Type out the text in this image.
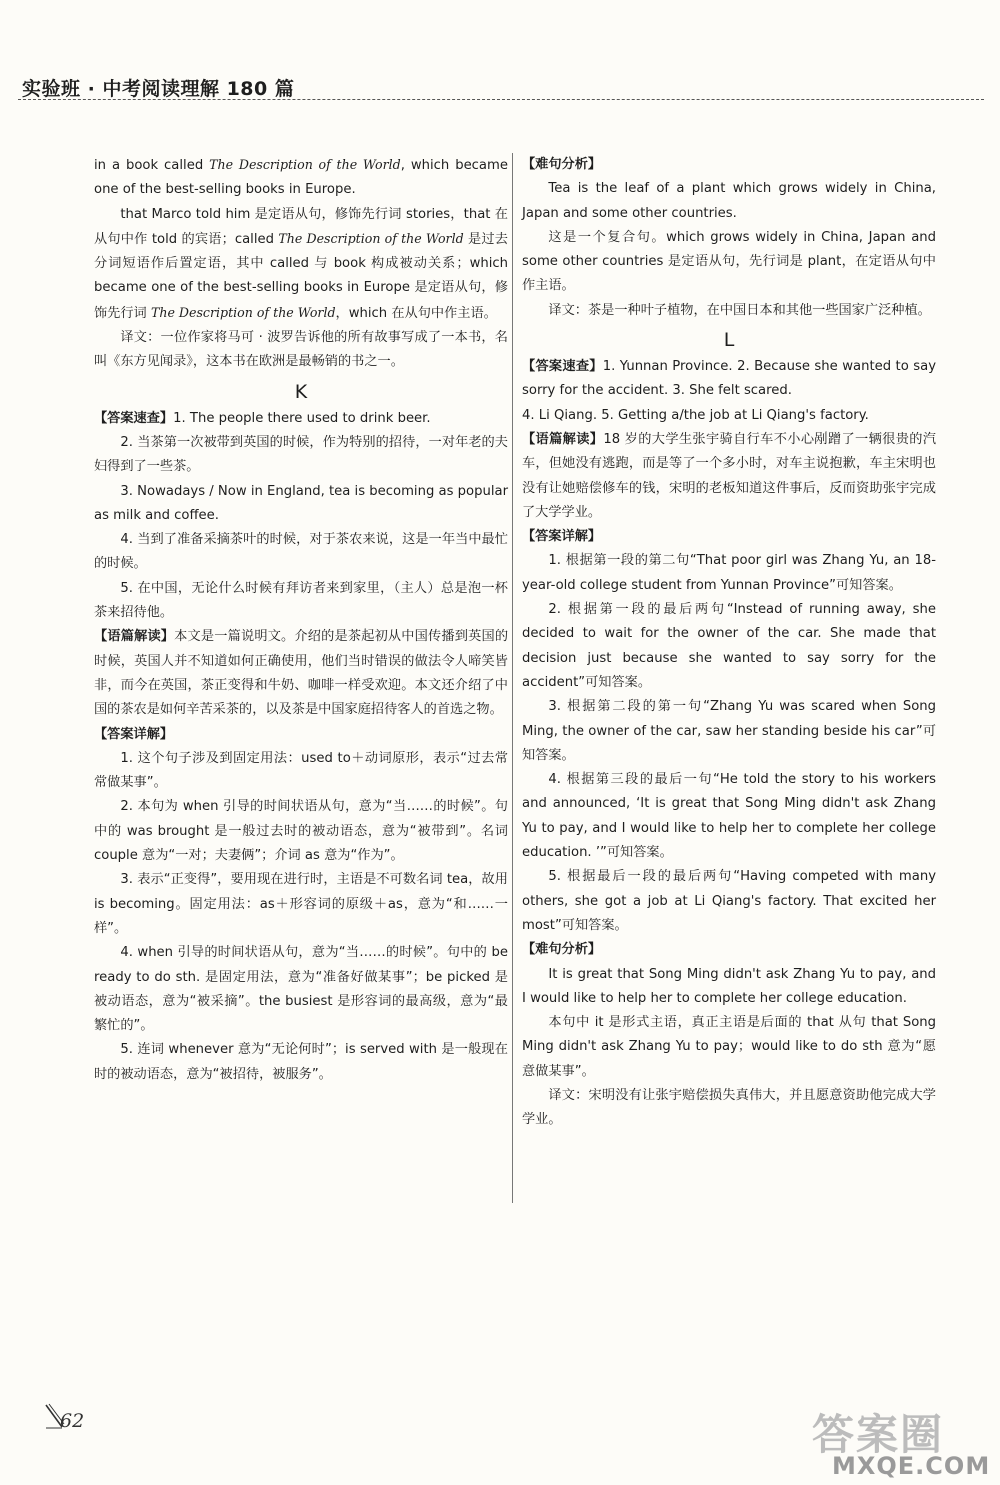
实验班 · 中考阅读理解 180 篇

in a book called The Description of the World, which became one of the best-selling books in Europe.

that Marco told him 是定语从句，修饰先行词 stories，that 在从句中作 told 的宾语；called The Description of the World 是过去分词短语作后置定语，其中 called 与 book 构成被动关系；which became one of the best-selling books in Europe 是定语从句，修饰先行词 The Description of the World，which 在从句中作主语。

译文：一位作家将马可 · 波罗告诉他的所有故事写成了一本书，名叫《东方见闻录》，这本书在欧洲是最畅销的书之一。

K

【答案速查】1. The people there used to drink beer.

2. 当茶第一次被带到英国的时候，作为特别的招待，一对年老的夫妇得到了一些茶。

3. Nowadays / Now in England, tea is becoming as popular as milk and coffee.

4. 当到了准备采摘茶叶的时候，对于茶农来说，这是一年当中最忙的时候。

5. 在中国，无论什么时候有拜访者来到家里，（主人）总是泡一杯茶来招待他。

【语篇解读】本文是一篇说明文。介绍的是茶起初从中国传播到英国的时候，英国人并不知道如何正确使用，他们当时错误的做法令人啼笑皆非，而今在英国，茶正变得和牛奶、咖啡一样受欢迎。本文还介绍了中国的茶农是如何辛苦采茶的，以及茶是中国家庭招待客人的首选之物。

【答案详解】

1. 这个句子涉及到固定用法：used to＋动词原形，表示“过去常常做某事”。

2. 本句为 when 引导的时间状语从句，意为“当……的时候”。句中的 was brought 是一般过去时的被动语态，意为“被带到”。名词 couple 意为“一对；夫妻俩”；介词 as 意为“作为”。

3. 表示“正变得”，要用现在进行时，主语是不可数名词 tea，故用 is becoming。固定用法：as＋形容词的原级＋as，意为“和……一样”。

4. when 引导的时间状语从句，意为“当……的时候”。句中的 be ready to do sth. 是固定用法，意为“准备好做某事”；be picked 是被动语态，意为“被采摘”。the busiest 是形容词的最高级，意为“最繁忙的”。

5. 连词 whenever 意为“无论何时”；is served with 是一般现在时的被动语态，意为“被招待，被服务”。

【难句分析】

Tea is the leaf of a plant which grows widely in China, Japan and some other countries.

这是一个复合句。which grows widely in China, Japan and some other countries 是定语从句，先行词是 plant，在定语从句中作主语。

译文：茶是一种叶子植物，在中国日本和其他一些国家广泛种植。

L

【答案速查】1. Yunnan Province. 2. Because she wanted to say sorry for the accident. 3. She felt scared.

4. Li Qiang. 5. Getting a/the job at Li Qiang's factory.

【语篇解读】18 岁的大学生张宇骑自行车不小心剐蹭了一辆很贵的汽车，但她没有逃跑，而是等了一个多小时，对车主说抱歉，车主宋明也没有让她赔偿修车的钱，宋明的老板知道这件事后，反而资助张宇完成了大学学业。

【答案详解】

1. 根据第一段的第二句“That poor girl was Zhang Yu, an 18-year-old college student from Yunnan Province”可知答案。

2. 根据第一段的最后两句“Instead of running away, she decided to wait for the owner of the car. She made that decision just because she wanted to say sorry for the accident”可知答案。

3. 根据第二段的第一句“Zhang Yu was scared when Song Ming, the owner of the car, saw her standing beside his car”可知答案。

4. 根据第三段的最后一句“He told the story to his workers and announced, ‘It is great that Song Ming didn't ask Zhang Yu to pay, and I would like to help her to complete her college education. ’”可知答案。

5. 根据最后一段的最后两句“Having competed with many others, she got a job at Li Qiang's factory. That excited her most”可知答案。

【难句分析】

It is great that Song Ming didn't ask Zhang Yu to pay, and I would like to help her to complete her college education.

本句中 it 是形式主语，真正主语是后面的 that 从句 that Song Ming didn't ask Zhang Yu to pay；would like to do sth 意为“愿意做某事”。

译文：宋明没有让张宇赔偿损失真伟大，并且愿意资助他完成大学学业。

62	答案圈
MXQE.COM
